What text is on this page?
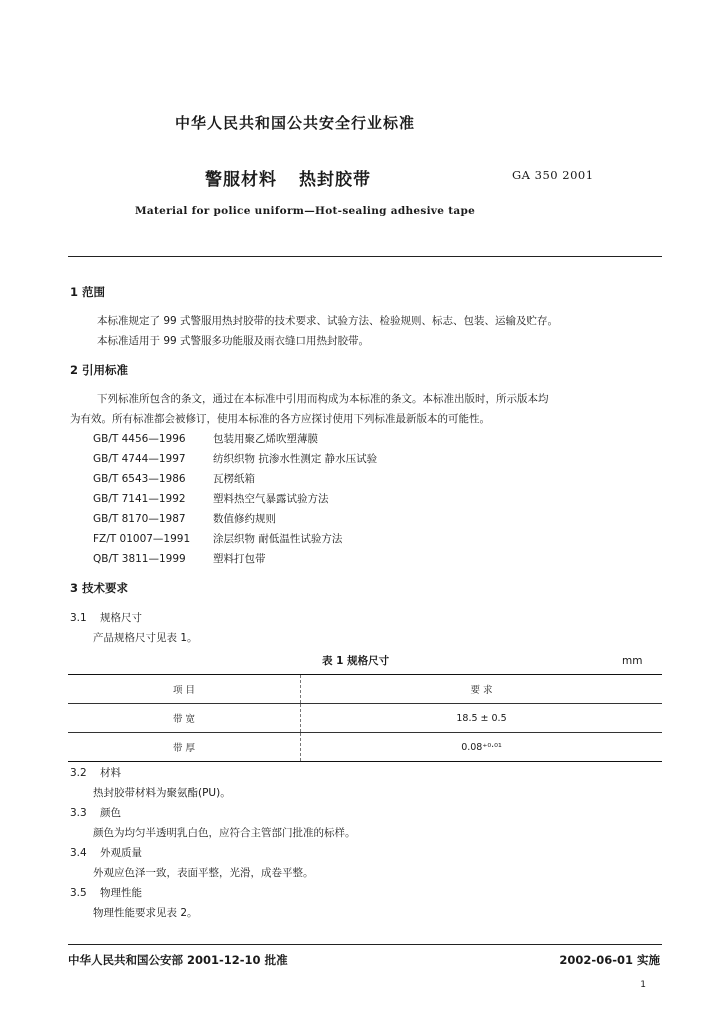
中华人民共和国公共安全行业标准
警服材料 热封胶带	GA 350 2001
Material for police uniform—Hot-sealing adhesive tape
1 范围
本标准规定了 99 式警服用热封胶带的技术要求、试验方法、检验规则、标志、包装、运输及贮存。
本标准适用于 99 式警服多功能服及雨衣缝口用热封胶带。
2 引用标准
下列标准所包含的条文，通过在本标准中引用而构成为本标准的条文。本标准出版时，所示版本均
为有效。所有标准都会被修订，使用本标准的各方应探讨使用下列标准最新版本的可能性。
GB/T 4456—1996	包装用聚乙烯吹塑薄膜
GB/T 4744—1997	纺织织物 抗渗水性测定 静水压试验
GB/T 6543—1986	瓦楞纸箱
GB/T 7141—1992	塑料热空气暴露试验方法
GB/T 8170—1987	数值修约规则
FZ/T 01007—1991 涂层织物 耐低温性试验方法
QB/T 3811—1999	塑料打包带
3 技术要求
3.1 规格尺寸
产品规格尺寸见表 1。
表 1 规格尺寸	mm
项 目	要 求
带 宽	18.5 ± 0.5
带 厚	0.08⁺⁰·⁰¹
3.2 材料
热封胶带材料为聚氨酯(PU)。
3.3 颜色
颜色为均匀半透明乳白色，应符合主管部门批准的标样。
3.4 外观质量
外观应色泽一致，表面平整，光滑，成卷平整。
3.5 物理性能
物理性能要求见表 2。
中华人民共和国公安部 2001-12-10 批准	2002-06-01 实施
1
